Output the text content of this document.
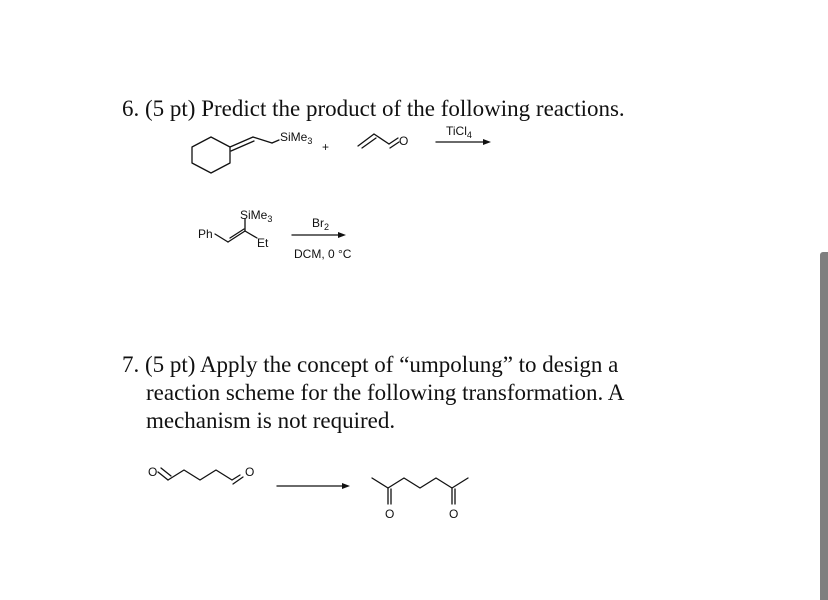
6. (5 pt) Predict the product of the following reactions.
7. (5 pt) Apply the concept of “umpolung” to design a
reaction scheme for the following transformation. A
mechanism is not required.
SiMe$_3$ +	O
TiCl$_4$
Ph
SiMe$_3$
Et
$Br_2$
DCM, 0 °C
O	O
O	O
